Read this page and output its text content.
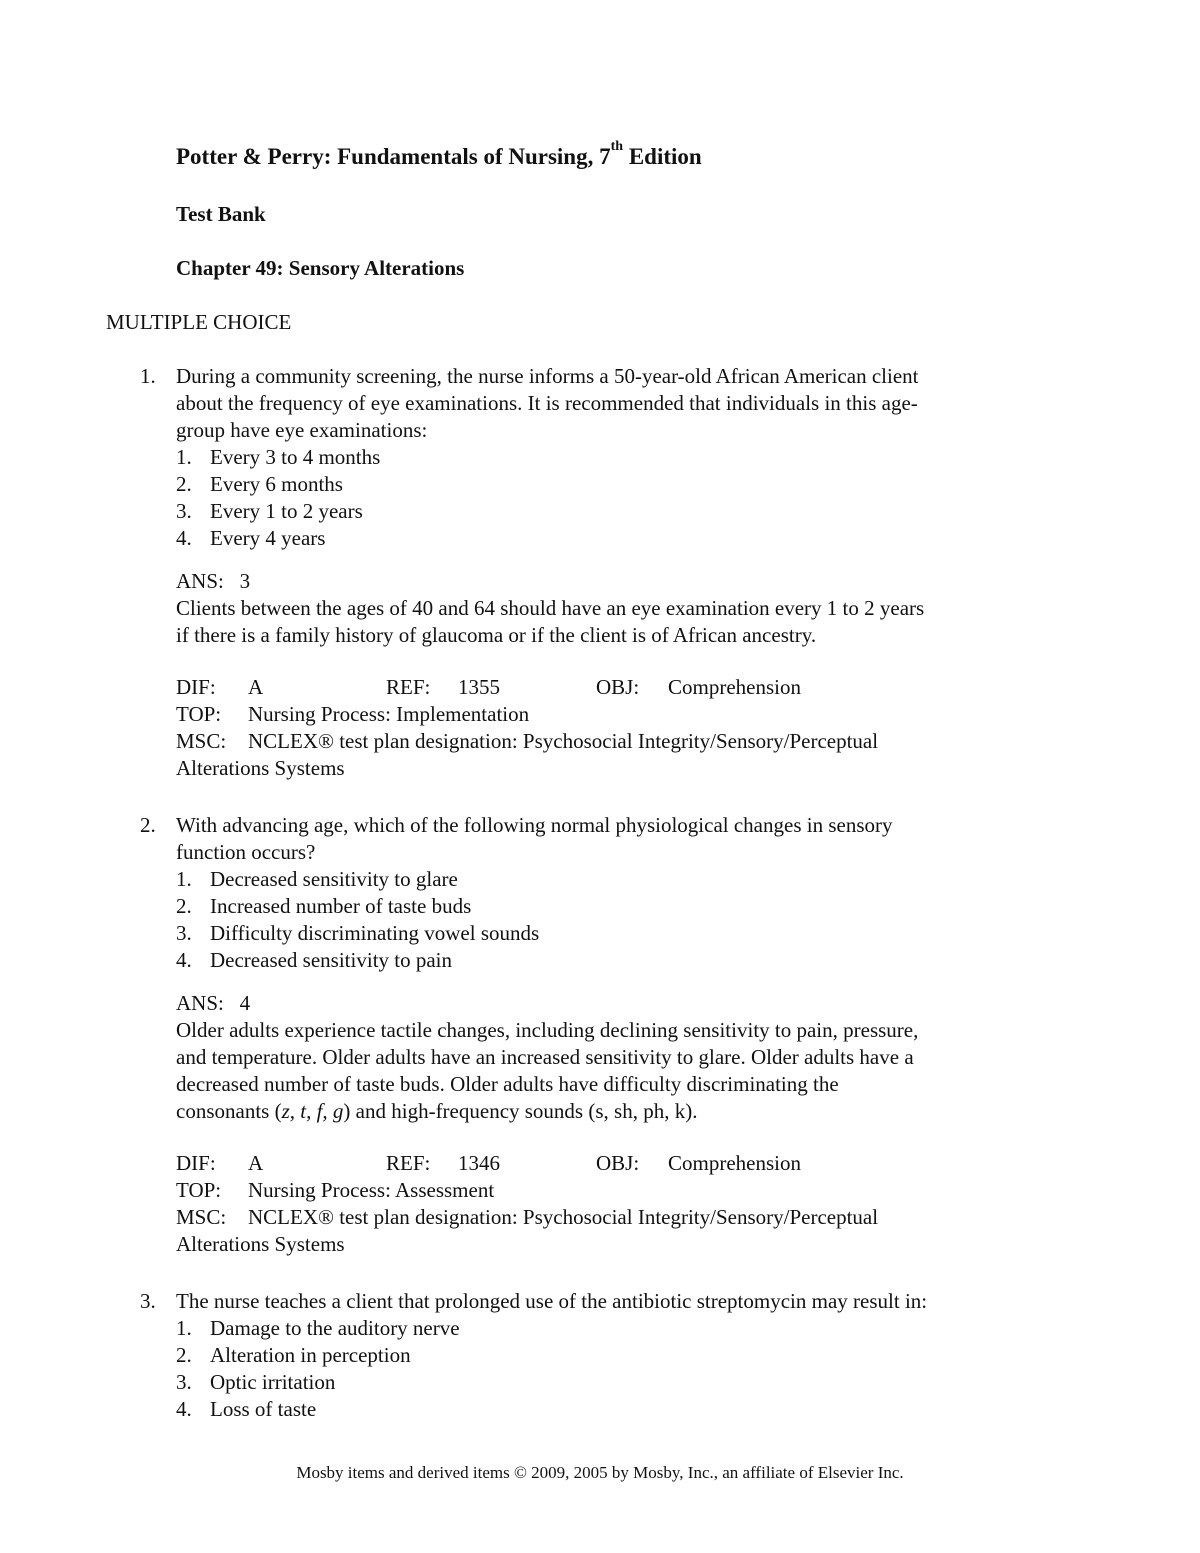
Potter & Perry: Fundamentals of Nursing, 7th Edition
Test Bank
Chapter 49: Sensory Alterations
MULTIPLE CHOICE
1. During a community screening, the nurse informs a 50-year-old African American client
about the frequency of eye examinations. It is recommended that individuals in this age-
group have eye examinations:
1. Every 3 to 4 months
2. Every 6 months
3. Every 1 to 2 years
4. Every 4 years
ANS: 3
Clients between the ages of 40 and 64 should have an eye examination every 1 to 2 years
if there is a family history of glaucoma or if the client is of African ancestry.
DIF: A	REF: 1355	OBJ: Comprehension
TOP: Nursing Process: Implementation
MSC: NCLEX® test plan designation: Psychosocial Integrity/Sensory/Perceptual
Alterations Systems
2. With advancing age, which of the following normal physiological changes in sensory
function occurs?
1. Decreased sensitivity to glare
2. Increased number of taste buds
3. Difficulty discriminating vowel sounds
4. Decreased sensitivity to pain
ANS: 4
Older adults experience tactile changes, including declining sensitivity to pain, pressure,
and temperature. Older adults have an increased sensitivity to glare. Older adults have a
decreased number of taste buds. Older adults have difficulty discriminating the
consonants (z, t, f, g) and high-frequency sounds (s, sh, ph, k).
DIF: A	REF: 1346	OBJ: Comprehension
TOP: Nursing Process: Assessment
MSC: NCLEX® test plan designation: Psychosocial Integrity/Sensory/Perceptual
Alterations Systems
3. The nurse teaches a client that prolonged use of the antibiotic streptomycin may result in:
1. Damage to the auditory nerve
2. Alteration in perception
3. Optic irritation
4. Loss of taste
Mosby items and derived items © 2009, 2005 by Mosby, Inc., an affiliate of Elsevier Inc.
